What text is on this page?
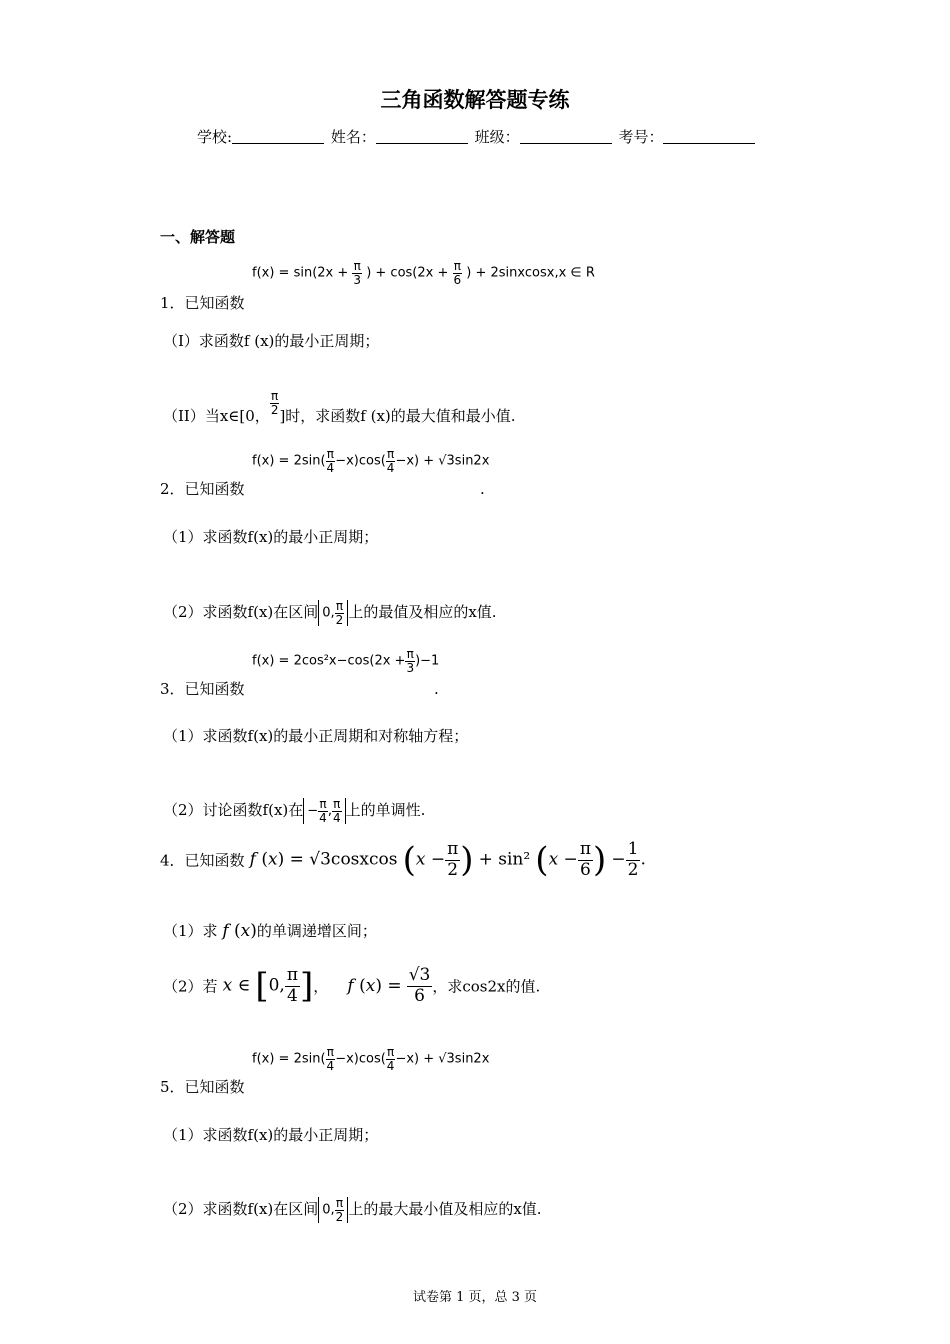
三角函数解答题专练
学校:	姓名：	班级：	考号：
一、解答题
1．已知函数
$f(x) = \sin(2x + \frac{\pi}{3}$ ) + $\cos(2x + \frac{\pi}{6}$ ) + 2sinxcosx,x ∈ R
（I）求函数f (x)的最小正周期；
（II）当x∈[0， $\frac{\pi}{2}$ ]时，求函数f (x)的最大值和最小值.
2．已知函数
$f(x) = 2\sin( \frac{\pi}{4} -x)\cos( \frac{\pi}{4} -x) + √3\sin 2x$
.
（1）求函数f(x)的最小正周期；
（2）求函数f(x)在区间 0, $\frac{\pi}{2}$ 上的最值及相应的x值.
3．已知函数
$f(x) = 2\cos^2x-\cos(2x + \frac{\pi}{3} )-1$
.
（1）求函数f(x)的最小正周期和对称轴方程；
（2）讨论函数f(x)在 − $\frac{\pi}{4}$ , $\frac{\pi}{4}$ 上的单调性.
4．已知函数 f (x) = √3cosxcos ($x - \frac{\pi}{2}$ ) + sin² ($x - \frac{\pi}{6}$ ) − $\frac{1}{2}$ .
（1）求 f (x)的单调递增区间；
（2）若 x ∈ [0, $\frac{\pi}{4}$ ]， f $(x) = \frac{√3}{6}$ ，求cos2x的值.
5．已知函数
$f(x) = 2\sin( \frac{\pi}{4} -x)\cos( \frac{\pi}{4} -x) + √3\sin 2x$
（1）求函数f(x)的最小正周期；
（2）求函数f(x)在区间 0, $\frac{\pi}{2}$ 上的最大最小值及相应的x值.
试卷第 1 页，总 3 页
